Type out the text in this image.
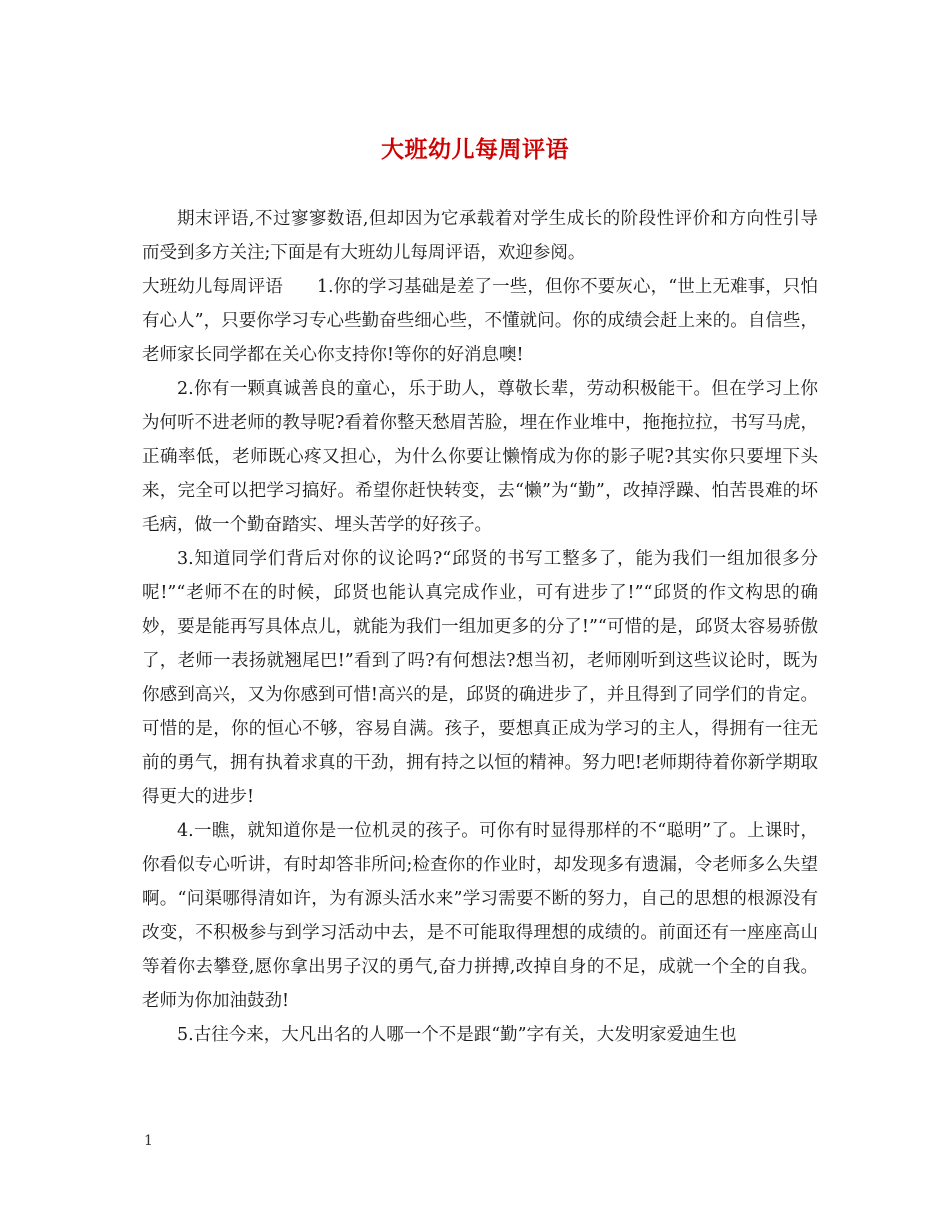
大班幼儿每周评语

期末评语,不过寥寥数语,但却因为它承载着对学生成长的阶段性评价和方向性引导而受到多方关注;下面是有大班幼儿每周评语，欢迎参阅。

大班幼儿每周评语 1.你的学习基础是差了一些，但你不要灰心，“世上无难事，只怕有心人”，只要你学习专心些勤奋些细心些，不懂就问。你的成绩会赶上来的。自信些，老师家长同学都在关心你支持你!等你的好消息噢!

2.你有一颗真诚善良的童心，乐于助人，尊敬长辈，劳动积极能干。但在学习上你为何听不进老师的教导呢?看着你整天愁眉苦脸，埋在作业堆中，拖拖拉拉，书写马虎，正确率低，老师既心疼又担心，为什么你要让懒惰成为你的影子呢?其实你只要埋下头来，完全可以把学习搞好。希望你赶快转变，去“懒”为“勤”，改掉浮躁、怕苦畏难的坏毛病，做一个勤奋踏实、埋头苦学的好孩子。

3.知道同学们背后对你的议论吗?“邱贤的书写工整多了，能为我们一组加很多分呢!”“老师不在的时候，邱贤也能认真完成作业，可有进步了!”“邱贤的作文构思的确妙，要是能再写具体点儿，就能为我们一组加更多的分了!”“可惜的是，邱贤太容易骄傲了，老师一表扬就翘尾巴!”看到了吗?有何想法?想当初，老师刚听到这些议论时，既为你感到高兴，又为你感到可惜!高兴的是，邱贤的确进步了，并且得到了同学们的肯定。可惜的是，你的恒心不够，容易自满。孩子，要想真正成为学习的主人，得拥有一往无前的勇气，拥有执着求真的干劲，拥有持之以恒的精神。努力吧!老师期待着你新学期取得更大的进步!

4.一瞧，就知道你是一位机灵的孩子。可你有时显得那样的不“聪明”了。上课时，你看似专心听讲，有时却答非所问;检查你的作业时，却发现多有遗漏，令老师多么失望啊。“问渠哪得清如许，为有源头活水来”学习需要不断的努力，自己的思想的根源没有改变，不积极参与到学习活动中去，是不可能取得理想的成绩的。前面还有一座座高山等着你去攀登,愿你拿出男子汉的勇气,奋力拼搏,改掉自身的不足，成就一个全的自我。老师为你加油鼓劲!

5.古往今来，大凡出名的人哪一个不是跟“勤”字有关，大发明家爱迪生也

1
